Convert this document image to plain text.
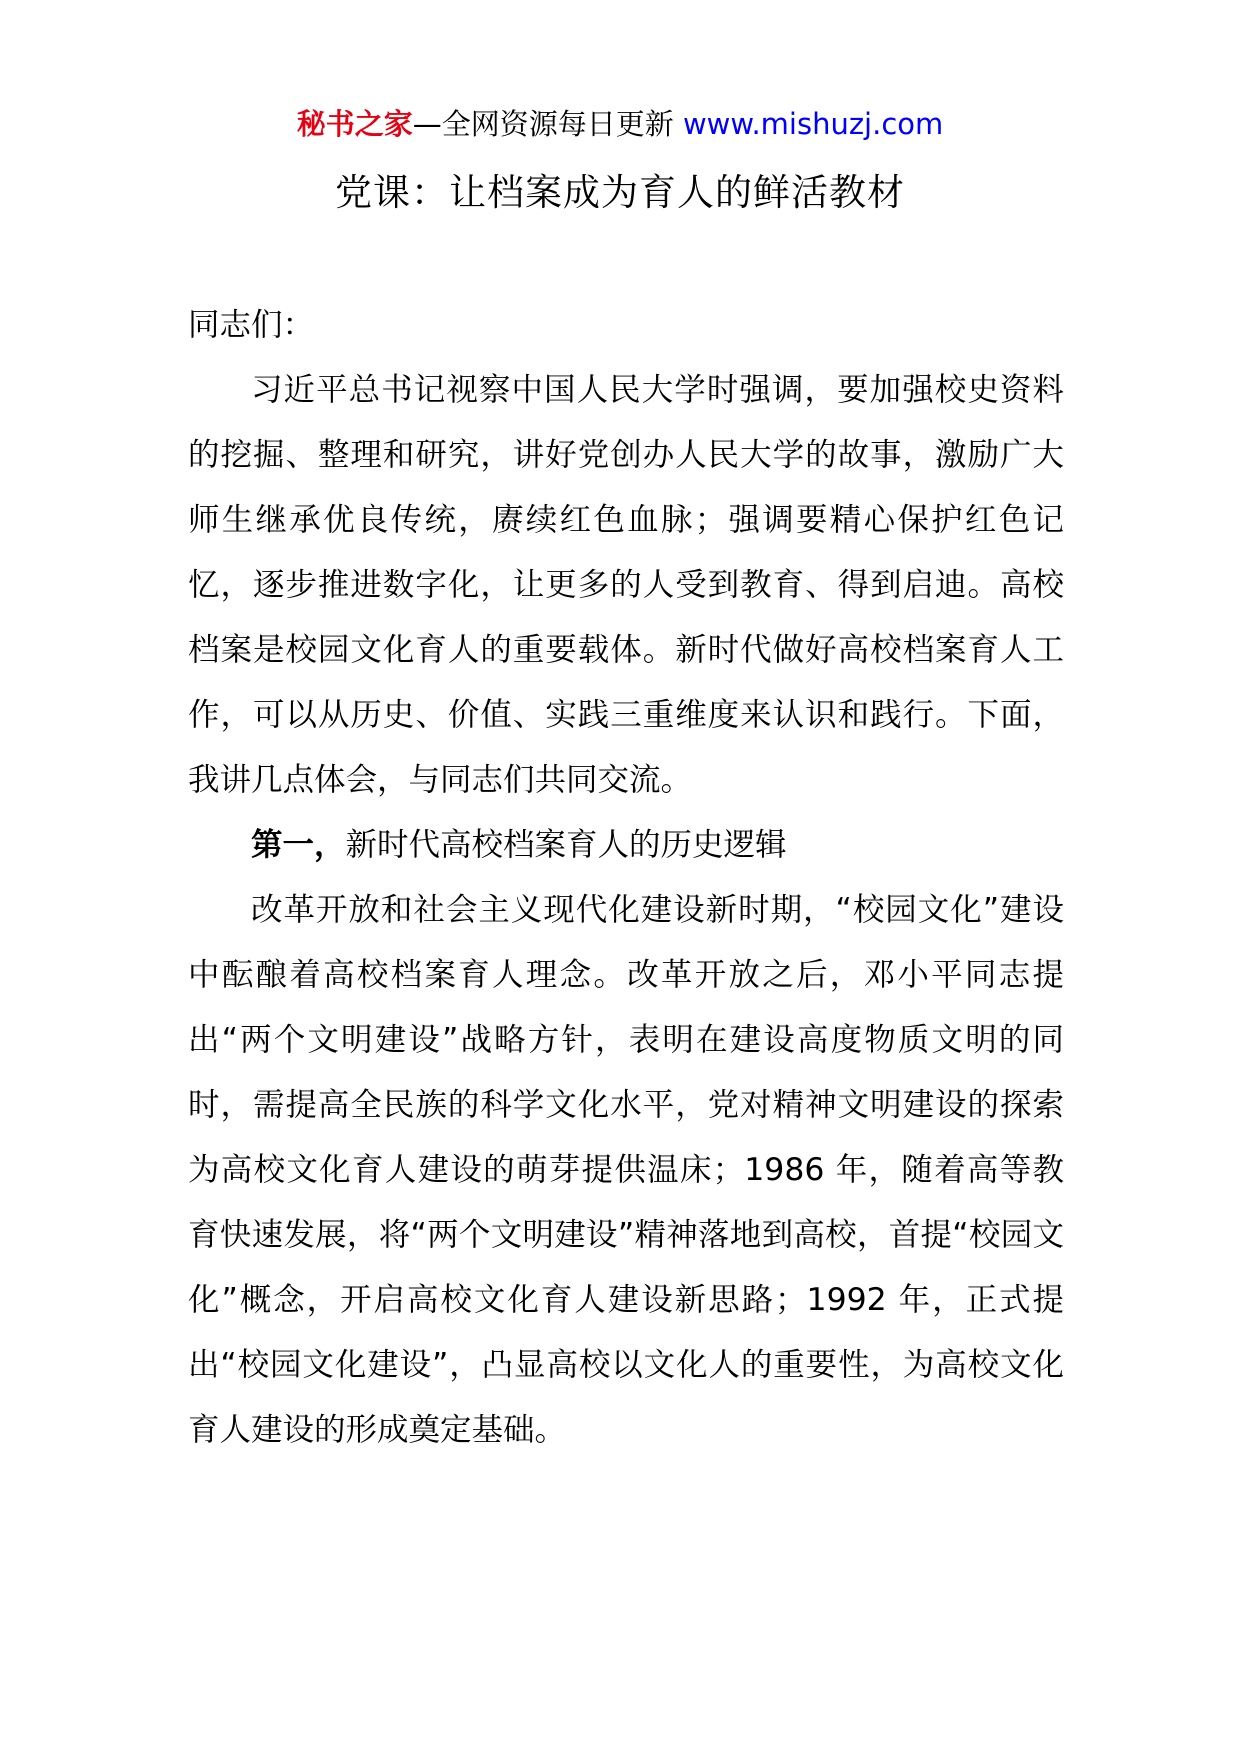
秘书之家—全网资源每日更新 www.mishuzj.com
党课：让档案成为育人的鲜活教材

同志们：

习近平总书记视察中国人民大学时强调，要加强校史资料的挖掘、整理和研究，讲好党创办人民大学的故事，激励广大师生继承优良传统，赓续红色血脉；强调要精心保护红色记忆，逐步推进数字化，让更多的人受到教育、得到启迪。高校档案是校园文化育人的重要载体。新时代做好高校档案育人工作，可以从历史、价值、实践三重维度来认识和践行。下面，我讲几点体会，与同志们共同交流。

第一，新时代高校档案育人的历史逻辑

改革开放和社会主义现代化建设新时期，“校园文化”建设中酝酿着高校档案育人理念。改革开放之后，邓小平同志提出“两个文明建设”战略方针，表明在建设高度物质文明的同时，需提高全民族的科学文化水平，党对精神文明建设的探索为高校文化育人建设的萌芽提供温床；1986 年，随着高等教育快速发展，将“两个文明建设”精神落地到高校，首提“校园文化”概念，开启高校文化育人建设新思路；1992 年，正式提出“校园文化建设”，凸显高校以文化人的重要性，为高校文化育人建设的形成奠定基础。
